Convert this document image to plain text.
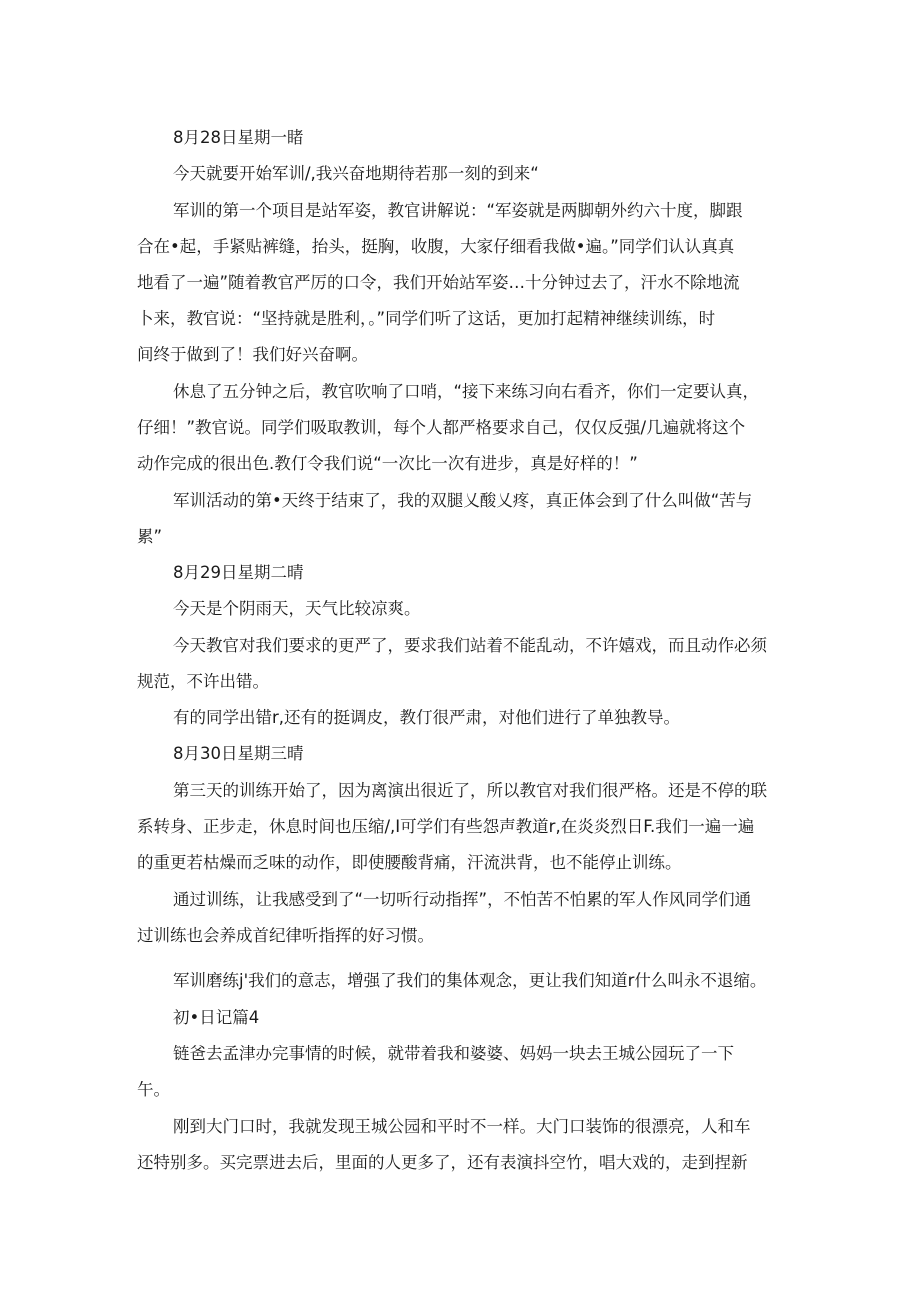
8月28日星期一睹

今天就要开始军训/,我兴奋地期待若那一刻的到来“

军训的第一个项目是站军姿，教官讲解说：“军姿就是两脚朝外约六十度，脚跟

合在•起，手紧贴裤缝，抬头，挺胸，收腹，大家仔细看我做•遍。”同学们认认真真

地看了一遍”随着教官严厉的口令，我们开始站军姿…十分钟过去了，汗水不除地流

卜来，教官说：“坚持就是胜利，。”同学们听了这话，更加打起精神继续训练，时

间终于做到了！我们好兴奋啊。

休息了五分钟之后，教官吹响了口哨，“接下来练习向右看齐，你们一定要认真，

仔细！”教官说。同学们吸取教训，每个人都严格要求自己，仅仅反强/几遍就将这个

动作完成的很出色.教仃令我们说“一次比一次有进步，真是好样的！”

军训活动的第•天终于结束了，我的双腿乂酸乂疼，真正体会到了什么叫做“苦与

累”

8月29日星期二晴

今天是个阴雨天，天气比较凉爽。

今天教官对我们要求的更严了，要求我们站着不能乱动，不许嬉戏，而且动作必须

规范，不许出错。

有的同学出错r,还有的挺调皮，教仃很严肃，对他们进行了单独教导。

8月30日星期三晴

第三天的训练开始了，因为离演出很近了，所以教官对我们很严格。还是不停的联

系转身、正步走，休息时间也压缩/,I可学们有些怨声教道r,在炎炎烈日F.我们一遍一遍

的重更若枯燥而乏味的动作，即使腰酸背痛，汗流洪背，也不能停止训练。

通过训练，让我感受到了“一切听行动指挥”，不怕苦不怕累的军人作风同学们通

过训练也会养成首纪律听指挥的好习惯。

军训磨练j'我们的意志，增强了我们的集体观念，更让我们知道r什么叫永不退缩。

初•日记篇4

链爸去孟津办完事情的时候，就带着我和婆婆、妈妈一块去王城公园玩了一下

午。

刚到大门口时，我就发现王城公园和平时不一样。大门口装饰的很漂亮，人和车

还特别多。买完票进去后，里面的人更多了，还有表演抖空竹，唱大戏的，走到捏新
